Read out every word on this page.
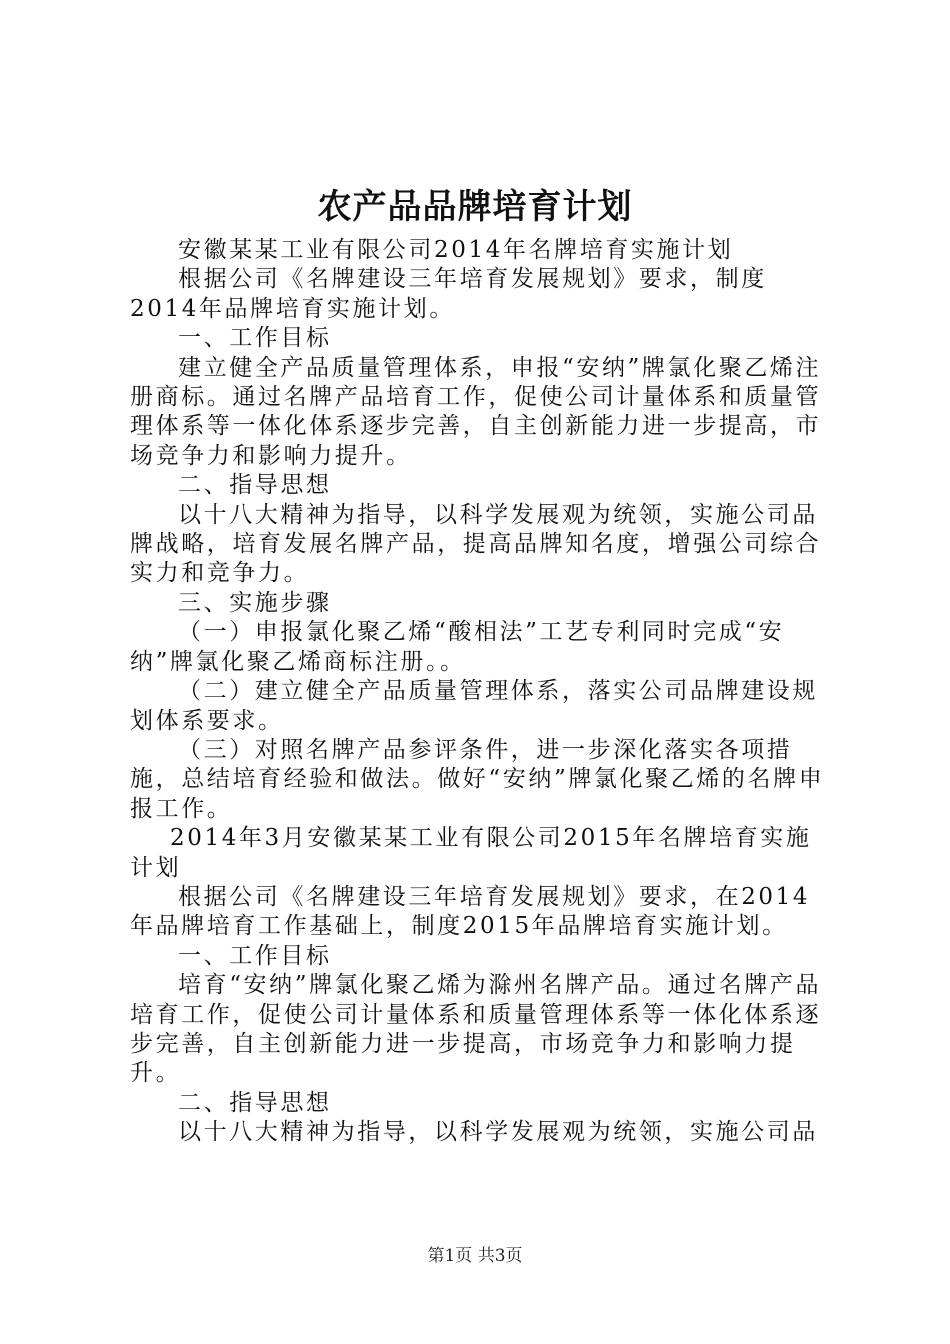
农产品品牌培育计划

安徽某某工业有限公司2014年名牌培育实施计划

根据公司《名牌建设三年培育发展规划》要求，制度2014年品牌培育实施计划。

一、工作目标

建立健全产品质量管理体系，申报“安纳”牌氯化聚乙烯注册商标。通过名牌产品培育工作，促使公司计量体系和质量管理体系等一体化体系逐步完善，自主创新能力进一步提高，市场竞争力和影响力提升。

二、指导思想

以十八大精神为指导，以科学发展观为统领，实施公司品牌战略，培育发展名牌产品，提高品牌知名度，增强公司综合实力和竞争力。

三、实施步骤

（一）申报氯化聚乙烯“酸相法”工艺专利同时完成“安纳”牌氯化聚乙烯商标注册。。

（二）建立健全产品质量管理体系，落实公司品牌建设规划体系要求。

（三）对照名牌产品参评条件，进一步深化落实各项措施，总结培育经验和做法。做好“安纳”牌氯化聚乙烯的名牌申报工作。

2014年3月安徽某某工业有限公司2015年名牌培育实施计划

根据公司《名牌建设三年培育发展规划》要求，在2014年品牌培育工作基础上，制度2015年品牌培育实施计划。

一、工作目标

培育“安纳”牌氯化聚乙烯为滁州名牌产品。通过名牌产品培育工作，促使公司计量体系和质量管理体系等一体化体系逐步完善，自主创新能力进一步提高，市场竞争力和影响力提升。

二、指导思想

以十八大精神为指导，以科学发展观为统领，实施公司品

第1页 共3页
